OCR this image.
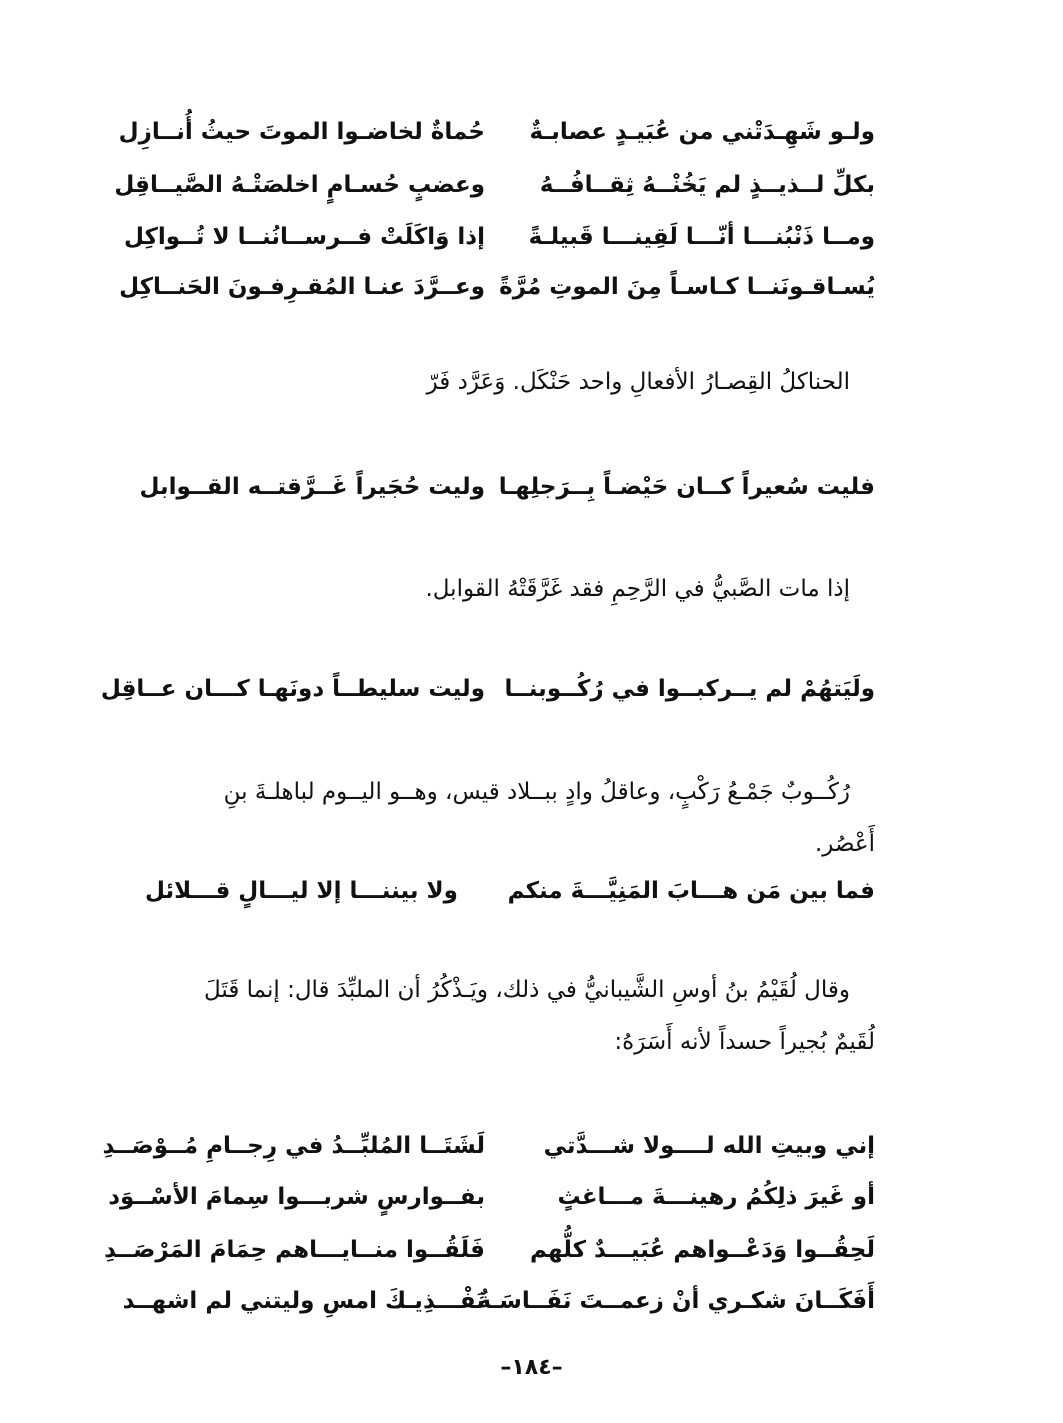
ولـو شَهِـدَتْني من عُبَيـدٍ عصابـةٌ
حُماةٌ لخاضـوا الموتَ حيثُ أُنــازِل
بكلِّ لــذيــذٍ لم يَخُنْــهُ ثِقــافُــهُ
وعضبٍ حُسـامٍ اخلصَتْـهُ الصَّيــاقِل
ومــا ذَنْبُنـــا أنّـــا لَقِينـــا قَبيلـةً
إذا وَاكَلَتْ فــرســانُنــا لا تُــواكِل
يُسـاقـونَنــا كـاسـاً مِنَ الموتِ مُرَّةً
وعــرَّدَ عنـا المُقـرِفـونَ الحَنــاكِل
الحناكلُ القِصـارُ الأفعالِ واحد حَنْكَل. وَعَرَّد فَرّ
فليت سُعيراً كــان حَيْضـاً بِــرَجلِهـا
وليت حُجَيراً غَــرَّقتــه القــوابل
إذا مات الصَّبيُّ في الرَّحِمِ فقد غَرَّقَتْهُ القوابل.
ولَيَتهُمْ لم يــركبــوا في رُكُــوبنــا
وليت سليطــاً دونَهـا كـــان عــاقِل
رُكُــوبٌ جَمْـعُ رَكْبٍ، وعاقلُ وادٍ ببــلاد قيس، وهــو اليــوم لباهلـةَ بنِ
أَعْصُر.
فما بين مَن هـــابَ المَنِيَّـــةَ منكم
ولا بيننـــا إلا ليـــالٍ قـــلائل
وقال لُقَيْمُ بنُ أوسِ الشَّيبانيُّ في ذلك، ويَـذْكُرُ أن الملبِّدَ قال: إنما قَتَلَ
لُقَيمٌ بُجيراً حسداً لأنه أَسَرَهُ:
إني وبيتِ الله لــــولا شـــدَّتي
لَشَتَــا المُلبِّــدُ في رِجــامِ مُــوْصَــدِ
أو غَيرَ ذلِكُمُ رهينـــةَ مـــاغثٍ
بفــوارسٍ شربـــوا سِمامَ الأسْــوَد
لَحِقُــوا وَدَعْــواهم عُبَيـــدٌ كلُّهم
فَلَقُــوا منــايـــاهم حِمَامَ المَرْصَــدِ
أَفَكَــانَ شكـري أنْ زعمــتَ نَفَــاسَـةٌ
نَفْـــذِيـكَ امسِ وليتني لم اشهــد
–١٨٤–
